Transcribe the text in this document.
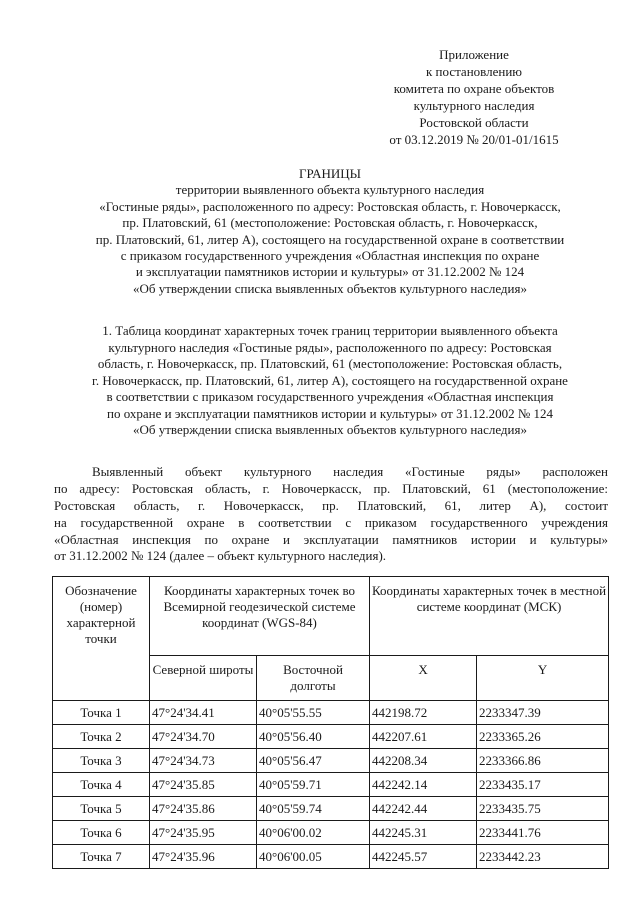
Приложение
к постановлению
комитета по охране объектов
культурного наследия
Ростовской области
от 03.12.2019 № 20/01-01/1615
ГРАНИЦЫ
территории выявленного объекта культурного наследия
«Гостиные ряды», расположенного по адресу: Ростовская область, г. Новочеркасск,
пр. Платовский, 61 (местоположение: Ростовская область, г. Новочеркасск,
пр. Платовский, 61, литер А), состоящего на государственной охране в соответствии
с приказом государственного учреждения «Областная инспекция по охране
и эксплуатации памятников истории и культуры» от 31.12.2002 № 124
«Об утверждении списка выявленных объектов культурного наследия»
1. Таблица координат характерных точек границ территории выявленного объекта
культурного наследия «Гостиные ряды», расположенного по адресу: Ростовская
область, г. Новочеркасск, пр. Платовский, 61 (местоположение: Ростовская область,
г. Новочеркасск, пр. Платовский, 61, литер А), состоящего на государственной охране
в соответствии с приказом государственного учреждения «Областная инспекция
по охране и эксплуатации памятников истории и культуры» от 31.12.2002 № 124
«Об утверждении списка выявленных объектов культурного наследия»
Выявленный объект культурного наследия «Гостиные ряды» расположен
по адресу: Ростовская область, г. Новочеркасск, пр. Платовский, 61 (местоположение:
Ростовская область, г. Новочеркасск, пр. Платовский, 61, литер А), состоит
на государственной охране в соответствии с приказом государственного учреждения
«Областная инспекция по охране и эксплуатации памятников истории и культуры»
от 31.12.2002 № 124 (далее – объект культурного наследия).
Обозначение (номер) характерной точки	Координаты характерных точек во Всемирной геодезической системе координат (WGS-84)		Координаты характерных точек в местной системе координат (МСК)	
	Северной широты	Восточной долготы	X	Y
Точка 1	47°24'34.41	40°05'55.55	442198.72	2233347.39
Точка 2	47°24'34.70	40°05'56.40	442207.61	2233365.26
Точка 3	47°24'34.73	40°05'56.47	442208.34	2233366.86
Точка 4	47°24'35.85	40°05'59.71	442242.14	2233435.17
Точка 5	47°24'35.86	40°05'59.74	442242.44	2233435.75
Точка 6	47°24'35.95	40°06'00.02	442245.31	2233441.76
Точка 7	47°24'35.96	40°06'00.05	442245.57	2233442.23
